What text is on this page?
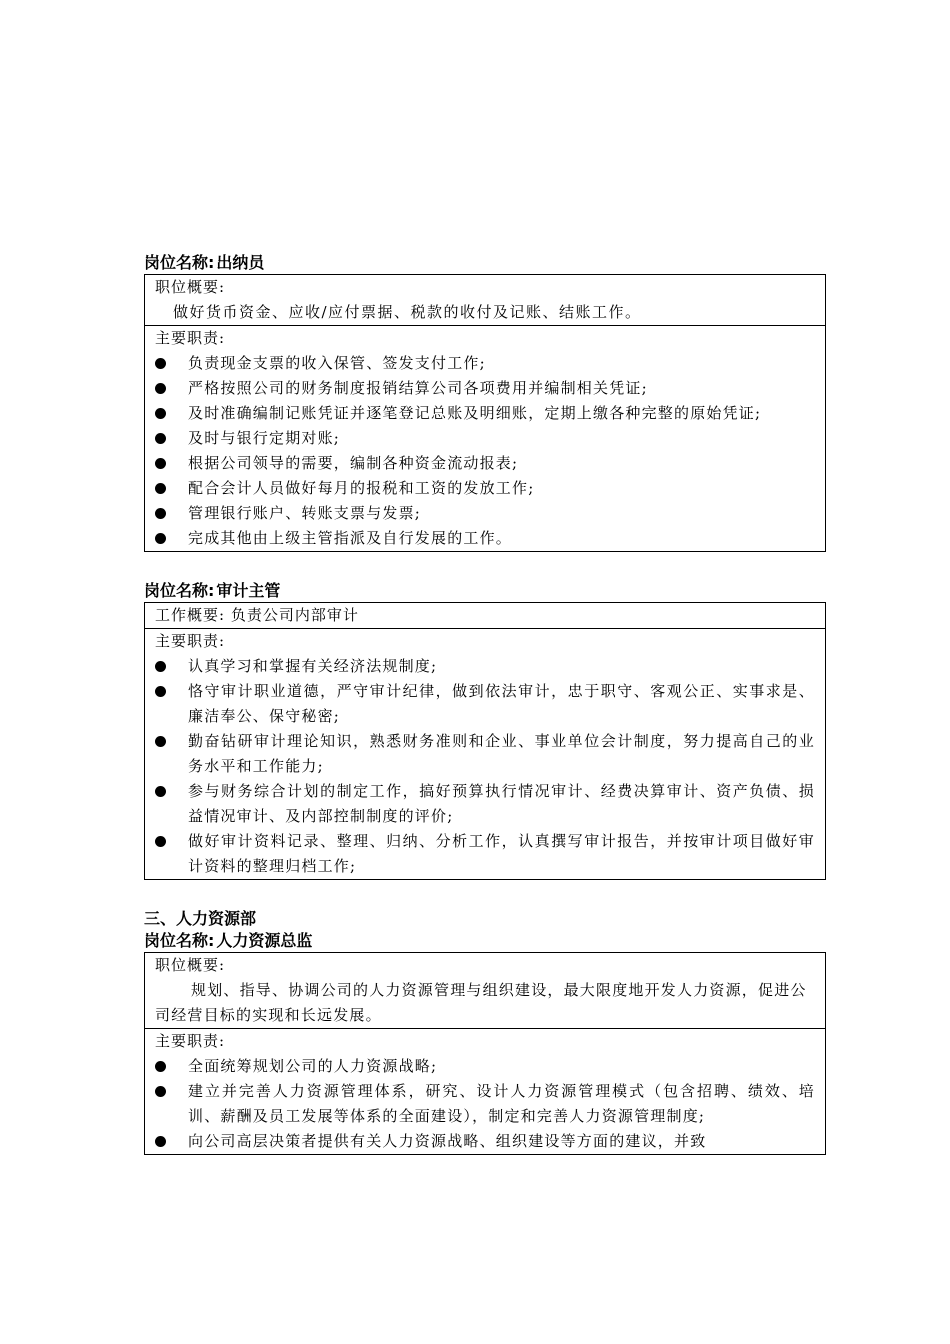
岗位名称: 出纳员
职位概要:
做好货币资金、应收/应付票据、税款的收付及记账、结账工作。
主要职责:
负责现金支票的收入保管、签发支付工作;
严格按照公司的财务制度报销结算公司各项费用并编制相关凭证;
及时准确编制记账凭证并逐笔登记总账及明细账，定期上缴各种完整的原始凭证;
及时与银行定期对账;
根据公司领导的需要，编制各种资金流动报表;
配合会计人员做好每月的报税和工资的发放工作;
管理银行账户、转账支票与发票;
完成其他由上级主管指派及自行发展的工作。
岗位名称: 审计主管
工作概要: 负责公司内部审计
主要职责:
认真学习和掌握有关经济法规制度;
恪守审计职业道德，严守审计纪律，做到依法审计，忠于职守、客观公正、实事求是、廉洁奉公、保守秘密;
勤奋钻研审计理论知识，熟悉财务准则和企业、事业单位会计制度，努力提高自己的业务水平和工作能力;
参与财务综合计划的制定工作，搞好预算执行情况审计、经费决算审计、资产负债、损益情况审计、及内部控制制度的评价;
做好审计资料记录、整理、归纳、分析工作，认真撰写审计报告，并按审计项目做好审计资料的整理归档工作;
三、人力资源部
岗位名称: 人力资源总监
职位概要:
规划、指导、协调公司的人力资源管理与组织建设，最大限度地开发人力资源，促进公司经营目标的实现和长远发展。
主要职责:
全面统筹规划公司的人力资源战略;
建立并完善人力资源管理体系，研究、设计人力资源管理模式（包含招聘、绩效、培训、薪酬及员工发展等体系的全面建设），制定和完善人力资源管理制度;
向公司高层决策者提供有关人力资源战略、组织建设等方面的建议，并致
